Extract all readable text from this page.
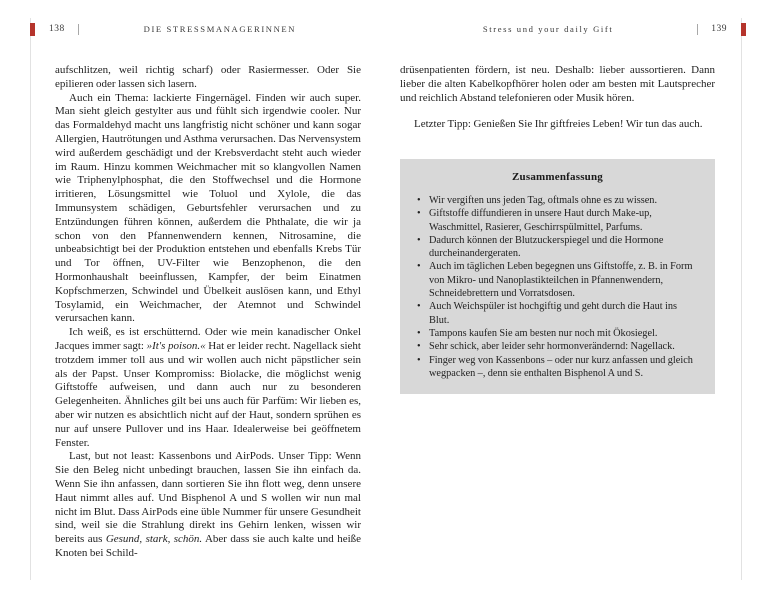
138	DIE STRESSMANAGERINNEN	Stress und your daily Gift	139

aufschlitzen, weil richtig scharf) oder Rasiermesser. Oder Sie epilieren oder lassen sich lasern.

Auch ein Thema: lackierte Fingernägel. Finden wir auch super. Man sieht gleich gestylter aus und fühlt sich irgendwie cooler. Nur das Formaldehyd macht uns langfristig nicht schöner und kann sogar Allergien, Hautrötungen und Asthma verursachen. Das Nervensystem wird außerdem geschädigt und der Krebsverdacht steht auch wieder im Raum. Hinzu kommen Weichmacher mit so klangvollen Namen wie Triphenylphosphat, die den Stoffwechsel und die Hormone irritieren, Lösungsmittel wie Toluol und Xylole, die das Immunsystem schädigen, Geburtsfehler verursachen und zu Entzündungen führen können, außerdem die Phthalate, die wir ja schon von den Pfannenwendern kennen, Nitrosamine, die unbeabsichtigt bei der Produktion entstehen und ebenfalls Krebs Tür und Tor öffnen, UV-Filter wie Benzophenon, die den Hormonhaushalt beeinflussen, Kampfer, der beim Einatmen Kopfschmerzen, Schwindel und Übelkeit auslösen kann, und Ethyl Tosylamid, ein Weichmacher, der Atemnot und Schwindel verursachen kann.

Ich weiß, es ist erschütternd. Oder wie mein kanadischer Onkel Jacques immer sagt: »It's poison.« Hat er leider recht. Nagellack sieht trotzdem immer toll aus und wir wollen auch nicht päpstlicher sein als der Papst. Unser Kompromiss: Biolacke, die möglichst wenig Giftstoffe aufweisen, und dann auch nur zu besonderen Gelegenheiten. Ähnliches gilt bei uns auch für Parfüm: Wir lieben es, aber wir nutzen es absichtlich nicht auf der Haut, sondern sprühen es nur auf unsere Pullover und ins Haar. Idealerweise bei geöffnetem Fenster.

Last, but not least: Kassenbons und AirPods. Unser Tipp: Wenn Sie den Beleg nicht unbedingt brauchen, lassen Sie ihn einfach da. Wenn Sie ihn anfassen, dann sortieren Sie ihn flott weg, denn unsere Haut nimmt alles auf. Und Bisphenol A und S wollen wir nun mal nicht im Blut. Dass AirPods eine üble Nummer für unsere Gesundheit sind, weil sie die Strahlung direkt ins Gehirn lenken, wissen wir bereits aus Gesund, stark, schön. Aber dass sie auch kalte und heiße Knoten bei Schild-

drüsenpatienten fördern, ist neu. Deshalb: lieber aussortieren. Dann lieber die alten Kabelkopfhörer holen oder am besten mit Lautsprecher und reichlich Abstand telefonieren oder Musik hören.

Letzter Tipp: Genießen Sie Ihr giftfreies Leben! Wir tun das auch.

Zusammenfassung
• Wir vergiften uns jeden Tag, oftmals ohne es zu wissen.
• Giftstoffe diffundieren in unsere Haut durch Make-up, Waschmittel, Rasierer, Geschirrspülmittel, Parfums.
• Dadurch können der Blutzuckerspiegel und die Hormone durcheinandergeraten.
• Auch im täglichen Leben begegnen uns Giftstoffe, z. B. in Form von Mikro- und Nanoplastikteilchen in Pfannenwendern, Schneidebrettern und Vorratsdosen.
• Auch Weichspüler ist hochgiftig und geht durch die Haut ins Blut.
• Tampons kaufen Sie am besten nur noch mit Ökosiegel.
• Sehr schick, aber leider sehr hormonverändernd: Nagellack.
• Finger weg von Kassenbons – oder nur kurz anfassen und gleich wegpacken –, denn sie enthalten Bisphenol A und S.
